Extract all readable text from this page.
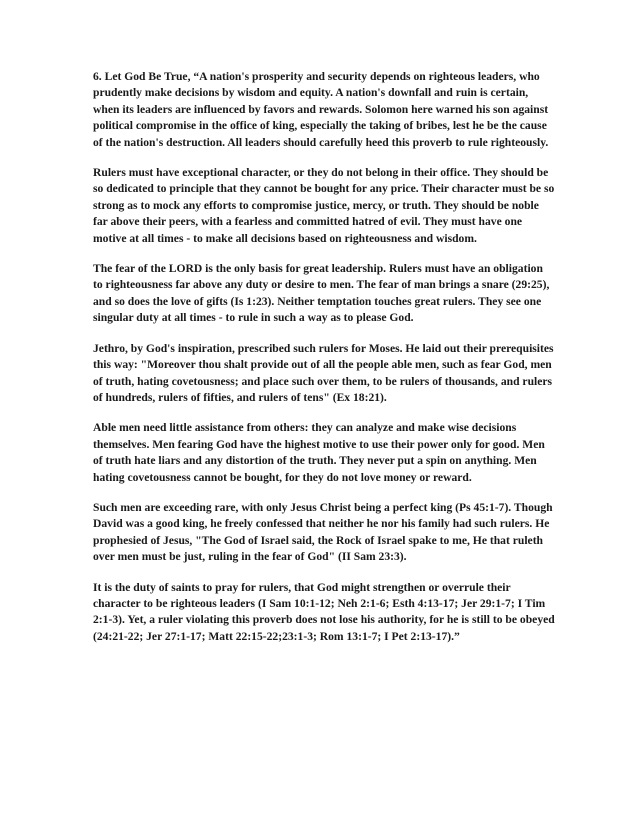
6. Let God Be True, “A nation's prosperity and security depends on righteous leaders, who prudently make decisions by wisdom and equity. A nation's downfall and ruin is certain, when its leaders are influenced by favors and rewards. Solomon here warned his son against political compromise in the office of king, especially the taking of bribes, lest he be the cause of the nation's destruction. All leaders should carefully heed this proverb to rule righteously.

Rulers must have exceptional character, or they do not belong in their office. They should be so dedicated to principle that they cannot be bought for any price. Their character must be so strong as to mock any efforts to compromise justice, mercy, or truth. They should be noble far above their peers, with a fearless and committed hatred of evil. They must have one motive at all times - to make all decisions based on righteousness and wisdom.

The fear of the LORD is the only basis for great leadership. Rulers must have an obligation to righteousness far above any duty or desire to men. The fear of man brings a snare (29:25), and so does the love of gifts (Is 1:23). Neither temptation touches great rulers. They see one singular duty at all times - to rule in such a way as to please God.

Jethro, by God's inspiration, prescribed such rulers for Moses. He laid out their prerequisites this way: "Moreover thou shalt provide out of all the people able men, such as fear God, men of truth, hating covetousness; and place such over them, to be rulers of thousands, and rulers of hundreds, rulers of fifties, and rulers of tens" (Ex 18:21).

Able men need little assistance from others: they can analyze and make wise decisions themselves. Men fearing God have the highest motive to use their power only for good. Men of truth hate liars and any distortion of the truth. They never put a spin on anything. Men hating covetousness cannot be bought, for they do not love money or reward.

Such men are exceeding rare, with only Jesus Christ being a perfect king (Ps 45:1-7). Though David was a good king, he freely confessed that neither he nor his family had such rulers. He prophesied of Jesus, "The God of Israel said, the Rock of Israel spake to me, He that ruleth over men must be just, ruling in the fear of God" (II Sam 23:3).

It is the duty of saints to pray for rulers, that God might strengthen or overrule their character to be righteous leaders (I Sam 10:1-12; Neh 2:1-6; Esth 4:13-17; Jer 29:1-7; I Tim 2:1-3). Yet, a ruler violating this proverb does not lose his authority, for he is still to be obeyed (24:21-22; Jer 27:1-17; Matt 22:15-22;23:1-3; Rom 13:1-7; I Pet 2:13-17).”
